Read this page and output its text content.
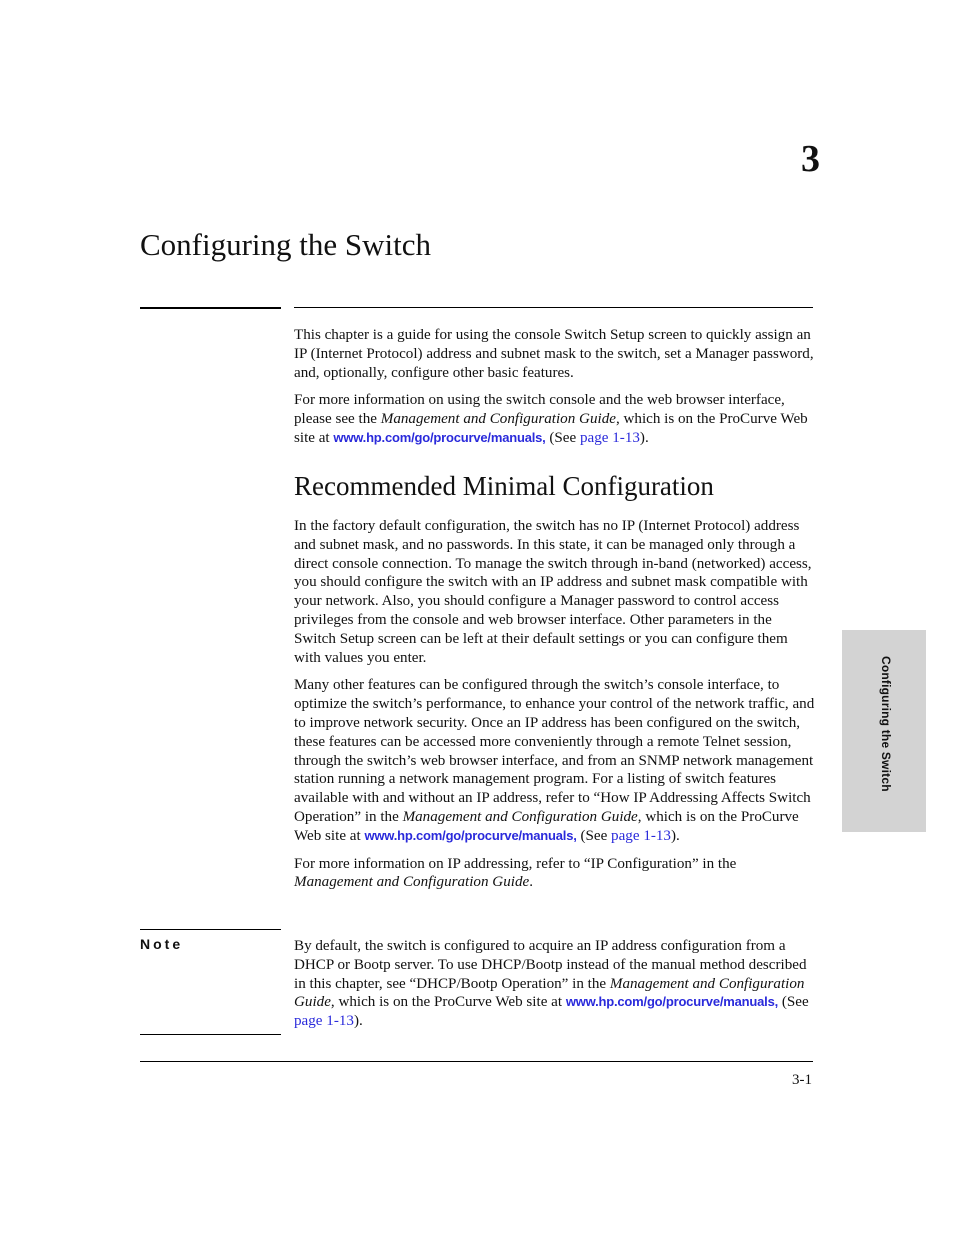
3
Configuring the Switch

This chapter is a guide for using the console Switch Setup screen to quickly assign an IP (Internet Protocol) address and subnet mask to the switch, set a Manager password, and, optionally, configure other basic features.

For more information on using the switch console and the web browser interface, please see the Management and Configuration Guide, which is on the ProCurve Web site at www.hp.com/go/procurve/manuals, (See page 1-13).

Recommended Minimal Configuration

In the factory default configuration, the switch has no IP (Internet Protocol) address and subnet mask, and no passwords. In this state, it can be managed only through a direct console connection. To manage the switch through in-band (networked) access, you should configure the switch with an IP address and subnet mask compatible with your network. Also, you should configure a Manager password to control access privileges from the console and web browser interface. Other parameters in the Switch Setup screen can be left at their default settings or you can configure them with values you enter.

Many other features can be configured through the switch’s console interface, to optimize the switch’s performance, to enhance your control of the network traffic, and to improve network security. Once an IP address has been configured on the switch, these features can be accessed more conveniently through a remote Telnet session, through the switch’s web browser interface, and from an SNMP network management station running a network management program. For a listing of switch features available with and without an IP address, refer to “How IP Addressing Affects Switch Operation” in the Management and Configuration Guide, which is on the ProCurve Web site at www.hp.com/go/procurve/manuals, (See page 1-13).

For more information on IP addressing, refer to “IP Configuration” in the Management and Configuration Guide.

Note	By default, the switch is configured to acquire an IP address configuration from a DHCP or Bootp server. To use DHCP/Bootp instead of the manual method described in this chapter, see “DHCP/Bootp Operation” in the Management and Configuration Guide, which is on the ProCurve Web site at www.hp.com/go/procurve/manuals, (See page 1-13).

3-1
Configuring the Switch
